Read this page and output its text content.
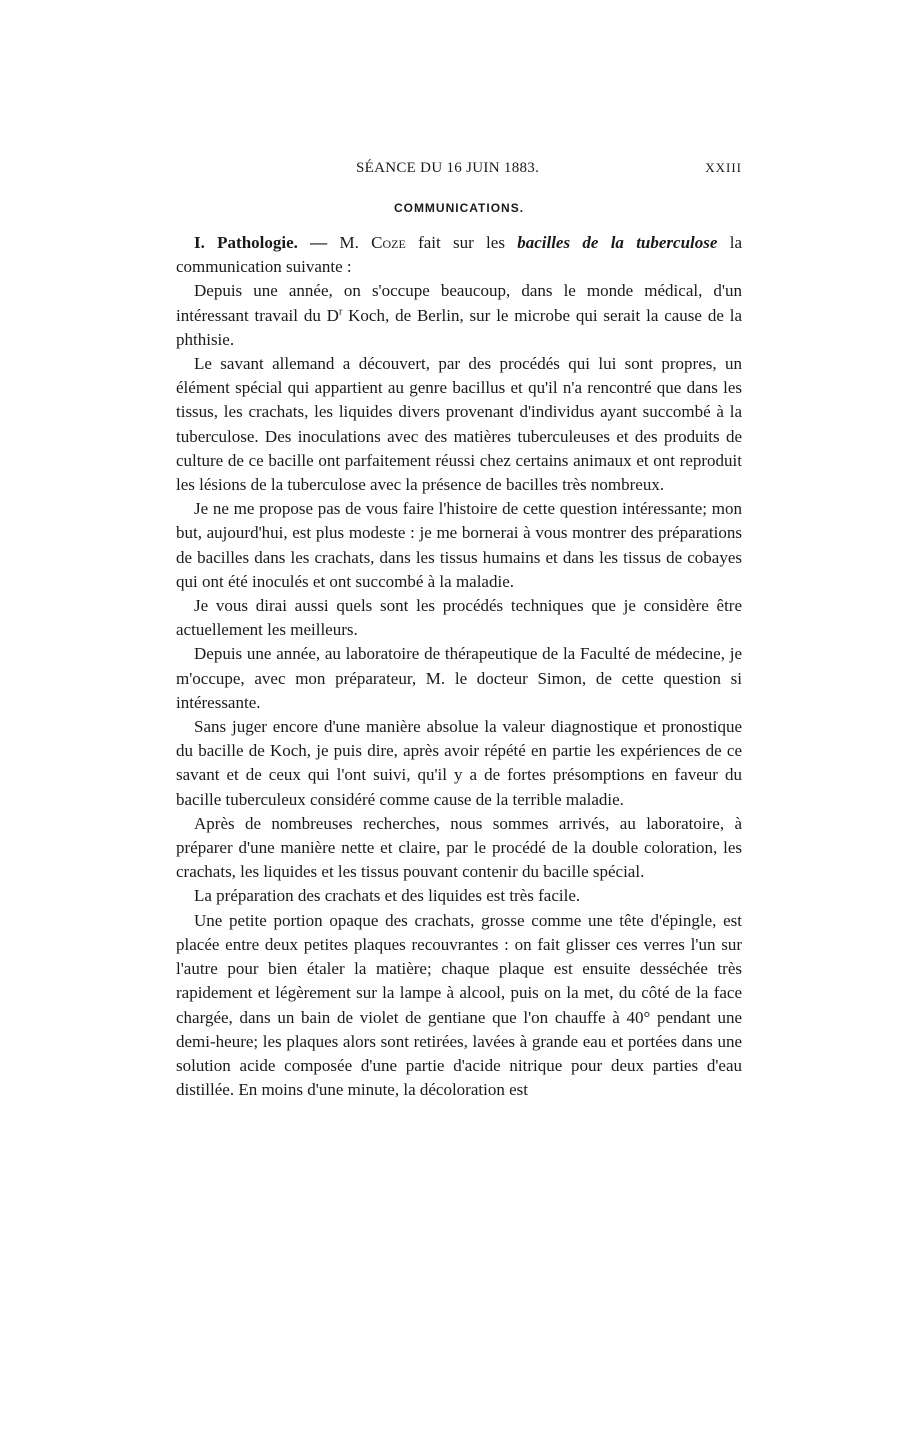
SÉANCE DU 16 JUIN 1883.	XXIII
COMMUNICATIONS.

I. Pathologie. — M. Coze fait sur les bacilles de la tuberculose la communication suivante :

Depuis une année, on s'occupe beaucoup, dans le monde médical, d'un intéressant travail du $D^r$ Koch, de Berlin, sur le microbe qui serait la cause de la phthisie.

Le savant allemand a découvert, par des procédés qui lui sont propres, un élément spécial qui appartient au genre bacillus et qu'il n'a rencontré que dans les tissus, les crachats, les liquides divers provenant d'individus ayant succombé à la tuberculose. Des inoculations avec des matières tuberculeuses et des produits de culture de ce bacille ont parfaitement réussi chez certains animaux et ont reproduit les lésions de la tuberculose avec la présence de bacilles très nombreux.

Je ne me propose pas de vous faire l'histoire de cette question intéressante; mon but, aujourd'hui, est plus modeste : je me bornerai à vous montrer des préparations de bacilles dans les crachats, dans les tissus humains et dans les tissus de cobayes qui ont été inoculés et ont succombé à la maladie.

Je vous dirai aussi quels sont les procédés techniques que je considère être actuellement les meilleurs.

Depuis une année, au laboratoire de thérapeutique de la Faculté de médecine, je m'occupe, avec mon préparateur, M. le docteur Simon, de cette question si intéressante.

Sans juger encore d'une manière absolue la valeur diagnostique et pronostique du bacille de Koch, je puis dire, après avoir répété en partie les expériences de ce savant et de ceux qui l'ont suivi, qu'il y a de fortes présomptions en faveur du bacille tuberculeux considéré comme cause de la terrible maladie.

Après de nombreuses recherches, nous sommes arrivés, au laboratoire, à préparer d'une manière nette et claire, par le procédé de la double coloration, les crachats, les liquides et les tissus pouvant contenir du bacille spécial.

La préparation des crachats et des liquides est très facile.

Une petite portion opaque des crachats, grosse comme une tête d'épingle, est placée entre deux petites plaques recouvrantes : on fait glisser ces verres l'un sur l'autre pour bien étaler la matière; chaque plaque est ensuite desséchée très rapidement et légèrement sur la lampe à alcool, puis on la met, du côté de la face chargée, dans un bain de violet de gentiane que l'on chauffe à 40° pendant une demi-heure; les plaques alors sont retirées, lavées à grande eau et portées dans une solution acide composée d'une partie d'acide nitrique pour deux parties d'eau distillée. En moins d'une minute, la décoloration est
